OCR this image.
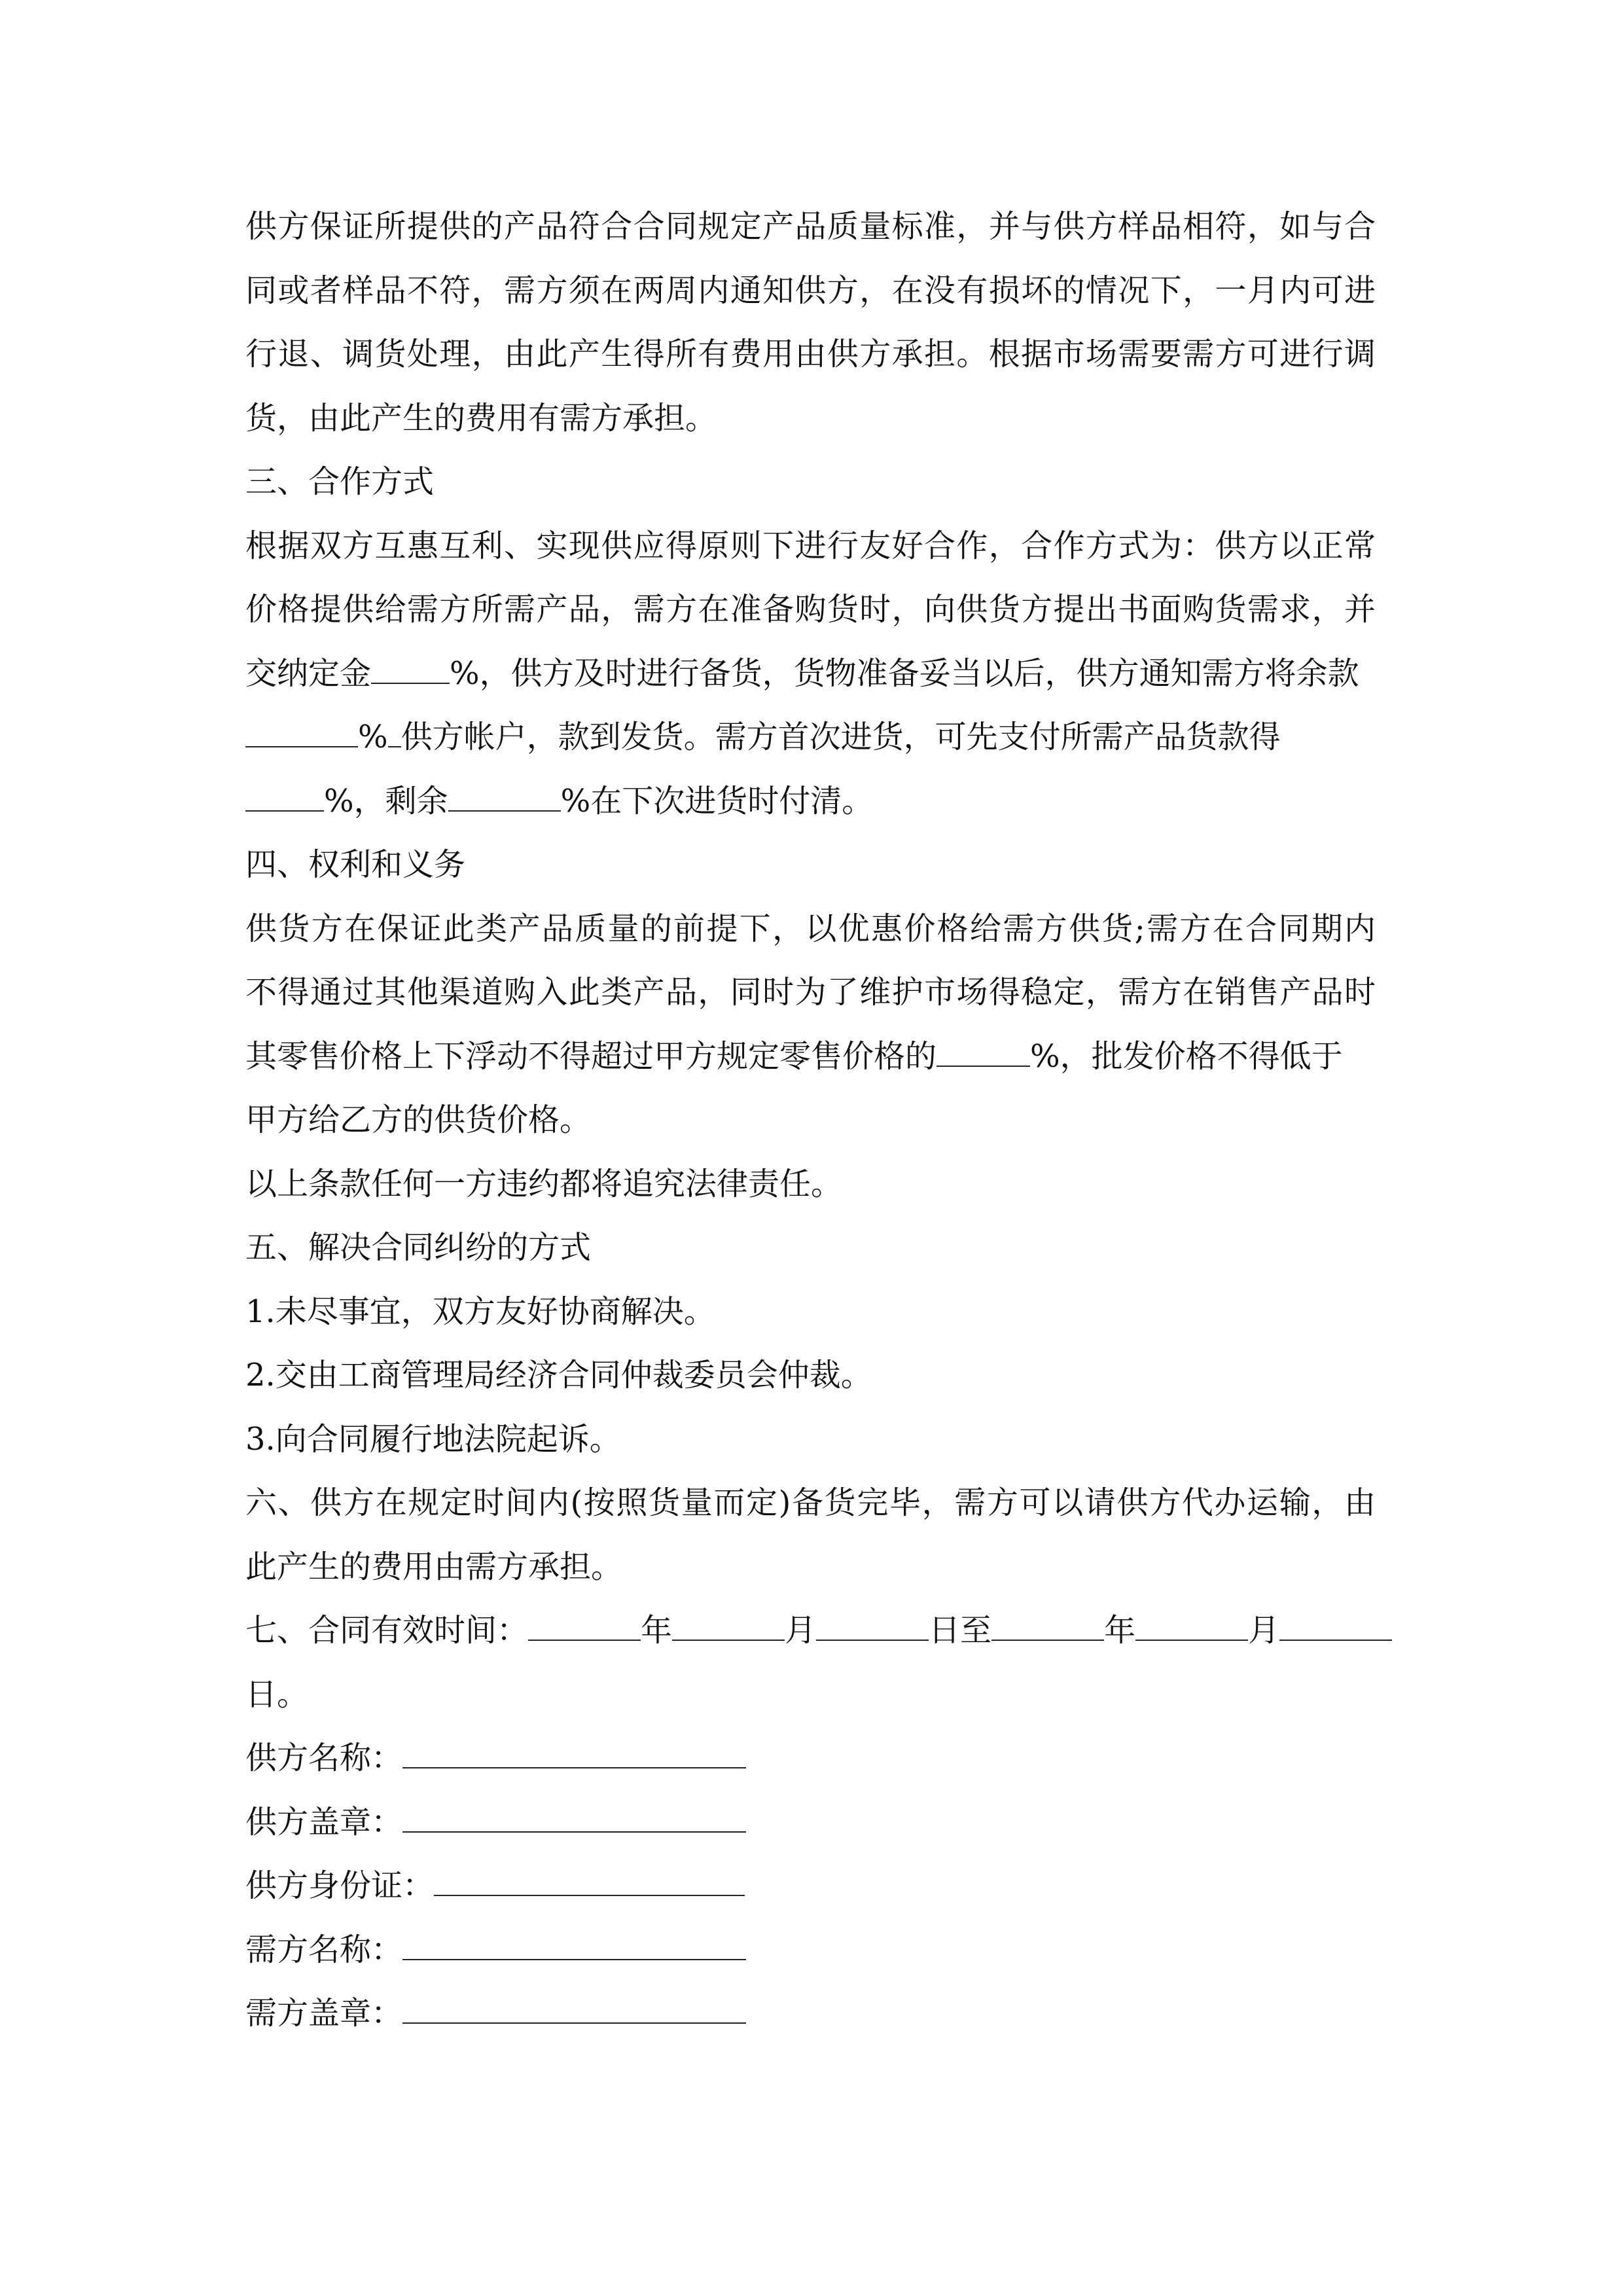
供方保证所提供的产品符合合同规定产品质量标准，并与供方样品相符，如与合
同或者样品不符，需方须在两周内通知供方，在没有损坏的情况下，一月内可进
行退、调货处理，由此产生得所有费用由供方承担。根据市场需要需方可进行调
货，由此产生的费用有需方承担。
三、合作方式
根据双方互惠互利、实现供应得原则下进行友好合作，合作方式为：供方以正常
价格提供给需方所需产品，需方在准备购货时，向供货方提出书面购货需求，并
交纳定金	%，供方及时进行备货，货物准备妥当以后，供方通知需方将余款
% 供方帐户，款到发货。需方首次进货，可先支付所需产品货款得
%，剩余	%在下次进货时付清。
四、权利和义务
供货方在保证此类产品质量的前提下，以优惠价格给需方供货;需方在合同期内
不得通过其他渠道购入此类产品，同时为了维护市场得稳定，需方在销售产品时
其零售价格上下浮动不得超过甲方规定零售价格的	%，批发价格不得低于
甲方给乙方的供货价格。
以上条款任何一方违约都将追究法律责任。
五、解决合同纠纷的方式
1.未尽事宜，双方友好协商解决。
2.交由工商管理局经济合同仲裁委员会仲裁。
3.向合同履行地法院起诉。
六、供方在规定时间内(按照货量而定)备货完毕，需方可以请供方代办运输，由
此产生的费用由需方承担。
七、合同有效时间：	年	月	日至	年	月
日。
供方名称：
供方盖章：
供方身份证：
需方名称：
需方盖章：
